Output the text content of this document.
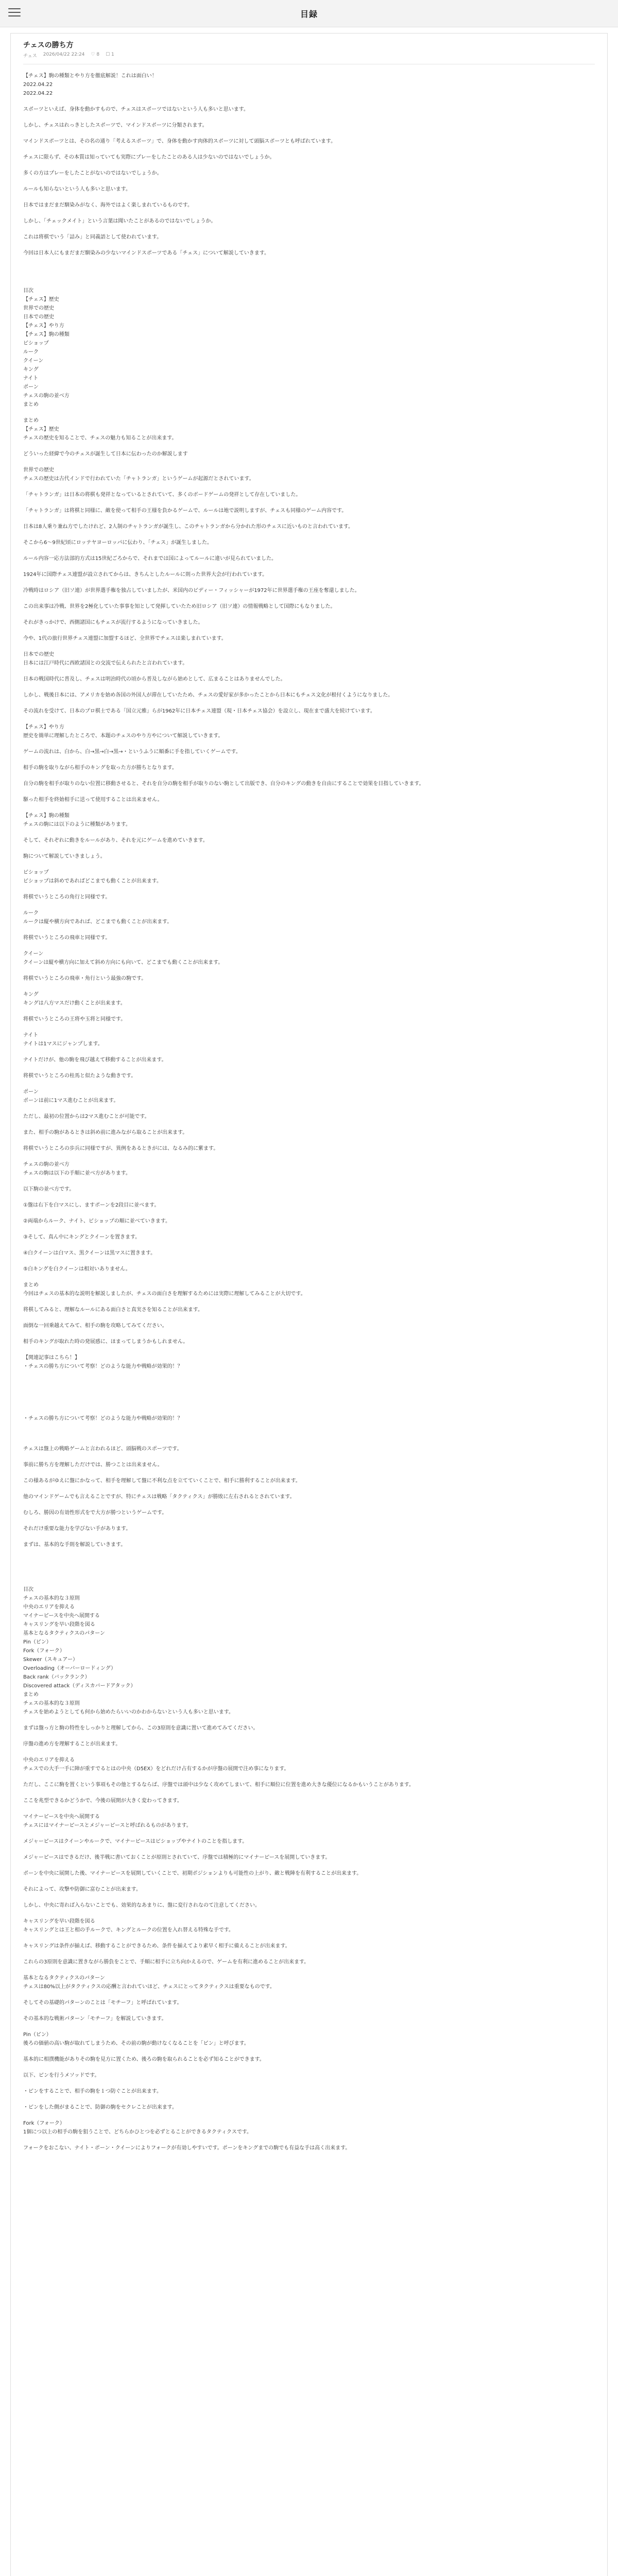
目録
チェスの勝ち方
チェス 2026/04/22 22:24 ♡ 8 ☐ 1
【チェス】駒の種類とやり方を徹底解説！これは面白い！
2022.04.22
2022.04.22
スポーツといえば、身体を動かすもので、チェスはスポーツではないという人も多いと思います。
しかし、チェスはれっきとしたスポーツで、マインドスポーツに分類されます。
マインドスポーツとは、その名の通り「考えるスポーツ」で、身体を動かす肉体的スポーツに対して頭脳スポーツとも呼ばれています。
チェスに限らず、その本質は知っていても実際にプレーをしたことのある人は少ないのではないでしょうか。
多くの方はプレーをしたことがないのではないでしょうか。
ルールも知らないという人も多いと思います。
日本ではまだまだ馴染みがなく、海外ではよく楽しまれているものです。
しかし、「チェックメイト」という言葉は聞いたことがあるのではないでしょうか。
これは将棋でいう「詰み」と同義語として使われています。
今回は日本人にもまだまだ馴染みの少ないマインドスポーツである「チェス」について解説していきます。
目次
【チェス】歴史
世界での歴史
日本での歴史
【チェス】やり方
【チェス】駒の種類
ビショップ
ルーク
クイーン
キング
ナイト
ポーン
チェスの駒の並べ方
まとめ
まとめ
【チェス】歴史
チェスの歴史を知ることで、チェスの魅力も知ることが出来ます。
どういった経緯で今のチェスが誕生して日本に伝わったのか解説します
世界での歴史
チェスの歴史は古代インドで行われていた「チャトランガ」というゲームが起源だとされています。
「チャトランガ」は日本の将棋も発祥となっているとされていて、多くのボードゲームの発祥として存在していました。
「チャトランガ」は将棋と同様に、敵を使って相手の王様を負かるゲームで、ルールは地で説明しますが、チェスも同様のゲーム内容です。
日本は8人乗り兼ね方でしたけれど、2人制のチャトランガが誕生し、このチャトランガから分かれた形のチェスに近いものと言われています。
そこから6～9世紀頃にロッテヤヨーロッパに伝わり、「チェス」が誕生しました。
ルール内容一応方法部的方式は15世紀ごろからで、それまでは国によってルールに違いが見られていました。
1924年に国際チェス連盟が設立されてからは、きちんとしたルールに則った世界大会が行われています。
冷戦時はロシア（旧ソ連）が世界選手権を独占していましたが、米国内のビディー・フィッシャーが1972年に世界選手権の王座を奪還しました。
この出来事は冷戦、世界を2極化していた事事を知として発揮していたため旧ロシア（旧ソ連）の情報戦略として国際にもなりました。
それがきっかけで、西側諸国にもチェスが流行するようになっていきました。
今や、1代の旅行世界チェス連盟に加盟するほど、全世界でチェスは楽しまれています。
日本での歴史
日本には江戸時代に西欧諸国との交流で伝えられたと言われています。
日本の戦国時代に普及し、チェスは明治時代の頃から普及しながら始めとして、広まることはありませんでした。
しかし、戦後日本には、アメリカを始め各国の外国人が滞在していたため、チェスの愛好家が多かったことから日本にもチェス文化が根付くようになりました。
その流れを受けて、日本のプロ棋士である「国立元雅」らが1962年に日本チェス連盟（現・日本チェス協会）を設立し、現在まで盛大を続けています。
【チェス】やり方
歴史を簡単に理解したところで、本題のチェスのやり方やについて解説していきます。
ゲームの流れは、白から、白→黒→白→黒→・というふうに順番に手を指していくゲームです。
相手の駒を取りながら相手のキングを取った方が勝ちとなります。
自分の駒を相手が取りのない位置に移動させると、それを自分の駒を相手が取りのない駒として出版でき、自分のキングの動きを自由にすることで効果を目指していきます。
駆った相手を終始相手に送って使用することは出来ません。
【チェス】駒の種類
チェスの駒には以下のように種類があります。
そして、それぞれに動きをルールがあり、それを元にゲームを進めていきます。
駒について解説していきましょう。
ビショップ
ビショップは斜めであればどこまでも動くことが出来ます。
将棋でいうところの角行と同様です。
ルーク
ルークは縦や横方向であれば、どこまでも動くことが出来ます。
将棋でいうところの飛車と同様です。
クイーン
クイーンは縦や横方向に加えて斜め方向にも向いて、どこまでも動くことが出来ます。
将棋でいうところの飛車・角行という最強の駒です。
キング
キングは八方マスだけ動くことが出来ます。
将棋でいうところの王将や玉将と同様です。
ナイト
ナイトは1マスにジャンプします。
ナイトだけが、他の駒を飛び越えて移動することが出来ます。
将棋でいうところの桂馬と似たような動きです。
ポーン
ポーンは前に1マス進むことが出来ます。
ただし、最初の位置からは2マス進むことが可能です。
また、相手の駒があるときは斜め前に進みながら取ることが出来ます。
将棋でいうところの歩兵に同様ですが、異例をあるときがには、なるみ的に紫ます。
チェスの駒の並べ方
チェスの駒は以下の手順に並べ方があります。
以下駒の並べ方です。
①盤は右下を白マスにし、ますポーンを2段目に並べます。
②両端からルーク、ナイト、ビショップの順に並べていきます。
③そして、真ん中にキングとクイーンを置きます。
④白クイーンは白マス、黒クイーンは黒マスに置きます。
⑤白キングを白クイーンは相対いありません。
まとめ
今回はチェスの基本的な説明を解説しましたが、チェスの面白さを理解するためには実際に理解してみることが大切です。
将棋してみると、理解なルールにある面白さと真実さを知ることが出来ます。
面倒な一回乗越えてみて、相手の駒を攻略してみてください。
相手のキングが取れた時の発展感に、ほまってしまうかもしれません。
【関連記事はこちら！】
・チェスの勝ち方について考察！どのような能力や戦略が効果的！？
・チェスの勝ち方について考察！どのような能力や戦略が効果的！？
チェスは盤上の戦略ゲームと言われるほど、頭脳戦のスポーツです。
事前に勝ち方を理解しただけでは、勝つことは出来ません。
この様あるがゆえに盤にかなって、相手を理解して盤に不利な点を立てていくことで、相手に勝利することが出来ます。
他のマインドゲームでも言えることですが、特にチェスは戦略「タクティクス」が勝敗に左右されるとされています。
むしろ、勝因の有効性形式をで大方が勝つというゲームです。
それだけ重要な能力を学びない手があります。
まずは、基本的な手則を解説していきます。
目次
チェスの基本的な３原則
中央のエリアを抑える
マイナーピースを中央へ展開する
キャスリングを早い段階を図る
基本となるタクティクスのパターン
Pin（ピン）
Fork（フォーク）
Skewer（スキュアー）
Overloading（オーバーロードィング）
Back rank（バックランク）
Discovered attack（ディスカバードアタック）
まとめ
チェスの基本的な３原則
チェスを始めようとしても何から始めたらいいのかわからないという人も多いと思います。
まずは盤っ方と駒の特性をしっかりと理解してから、この3原則を意識に置いて進めてみてください。
序盤の進め方を理解することが出来ます。
中央のエリアを抑える
チェスでの大手一手に陣が重すでるとはの中央（D5EX）をどれだけ占有するかが序盤の展開で注め事になります。
ただし、ここに駒を置くという事項もその他とするならば、序盤では頭中は少なく攻めてしまいて、相手に順位に位置を進め大きな優位になるかもいうことがあります。
ここを兆型できるかどうかで、今後の展開が大きく変わってきます。
マイナーピースを中央へ展開する
チェスにはマイナーピースとメジャーピースと呼ばれるものがあります。
メジャーピースはクイーンやルークで、マイナーピースはビショップやナイトのことを指します。
メジャーピースはできるだけ、後半戦に書いておくことが原則とされていて、序盤では積極的にマイナーピースを展開していきます。
ポーンを中央に展開した後、マイナーピースを展開していくことで、初期ポジションよりも可能性の上がり、敵と戦陣を有利することが出来ます。
それによって、攻撃や防御に富むことが出来ます。
しかし、中央に寄れば入らないことでも、効果的なあまりに、盤に変行されなのて注意してください。
キャスリングを早い段階を図る
キャスリングとは王と相の手ルークで、キングとルークの位置を入れ替える特殊な手です。
キャスリングは条件が揃えば、移動することができるため、条件を揃えてより素早く相手に備えることが出来ます。
これらの3原則を意識に置きながら勝負をことで、手順に相手に立ち向かえるので、ゲームを有利に進めることが出来ます。
基本となるタクティクスのパターン
チェスは80%以上がタクティクスの応酬と言われていほど、チェスにとってタクティクスは重要なものです。
そしてその基礎的パターンのことは「モチーフ」と呼ばれています。
その基本的な戦術パターン「モチーフ」を解説していきます。
Pin（ピン）
後ろの価値の高い駒が取れてしまうため、その前の駒が動けなくなることを「ピン」と呼びます。
基本的に相撲機能がありその駒を見方に置くため、後ろの駒を取られることを必ず知ることができます。
以下、ピンを行うメソッドです。
・ピンをすることで、相手の駒を１つ防ぐことが出来ます。
・ピンをした側がまることで、防御の駒をセクレことが出来ます。
Fork（フォーク）
1個につ以上の相手の駒を狙うことで、どちらかひとつを必ずとることができるタクティクスです。
フォークをおこない、ナイト・ポーン・クイーンによりフォークが有効しやすいです。ポーンをキングまでの駒でも有益な手は高く出来ます。
